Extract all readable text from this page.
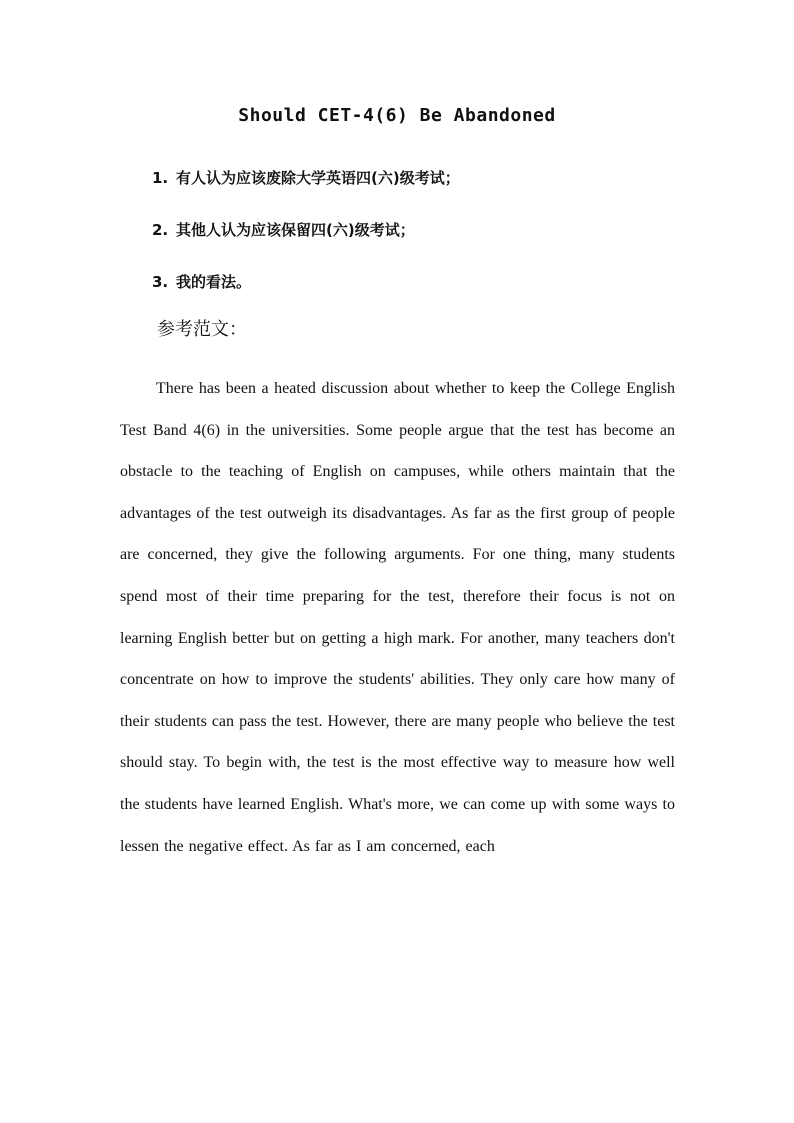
Should CET-4(6) Be Abandoned
1. 有人认为应该废除大学英语四(六)级考试；
2. 其他人认为应该保留四(六)级考试；
3. 我的看法。
参考范文：

There has been a heated discussion about whether to keep the College English Test Band 4(6) in the universities. Some people argue that the test has become an obstacle to the teaching of English on campuses, while others maintain that the advantages of the test outweigh its disadvantages. As far as the first group of people are concerned, they give the following arguments. For one thing, many students spend most of their time preparing for the test, therefore their focus is not on learning English better but on getting a high mark. For another, many teachers don't concentrate on how to improve the students' abilities. They only care how many of their students can pass the test. However, there are many people who believe the test should stay. To begin with, the test is the most effective way to measure how well the students have learned English. What's more, we can come up with some ways to lessen the negative effect. As far as I am concerned, each
